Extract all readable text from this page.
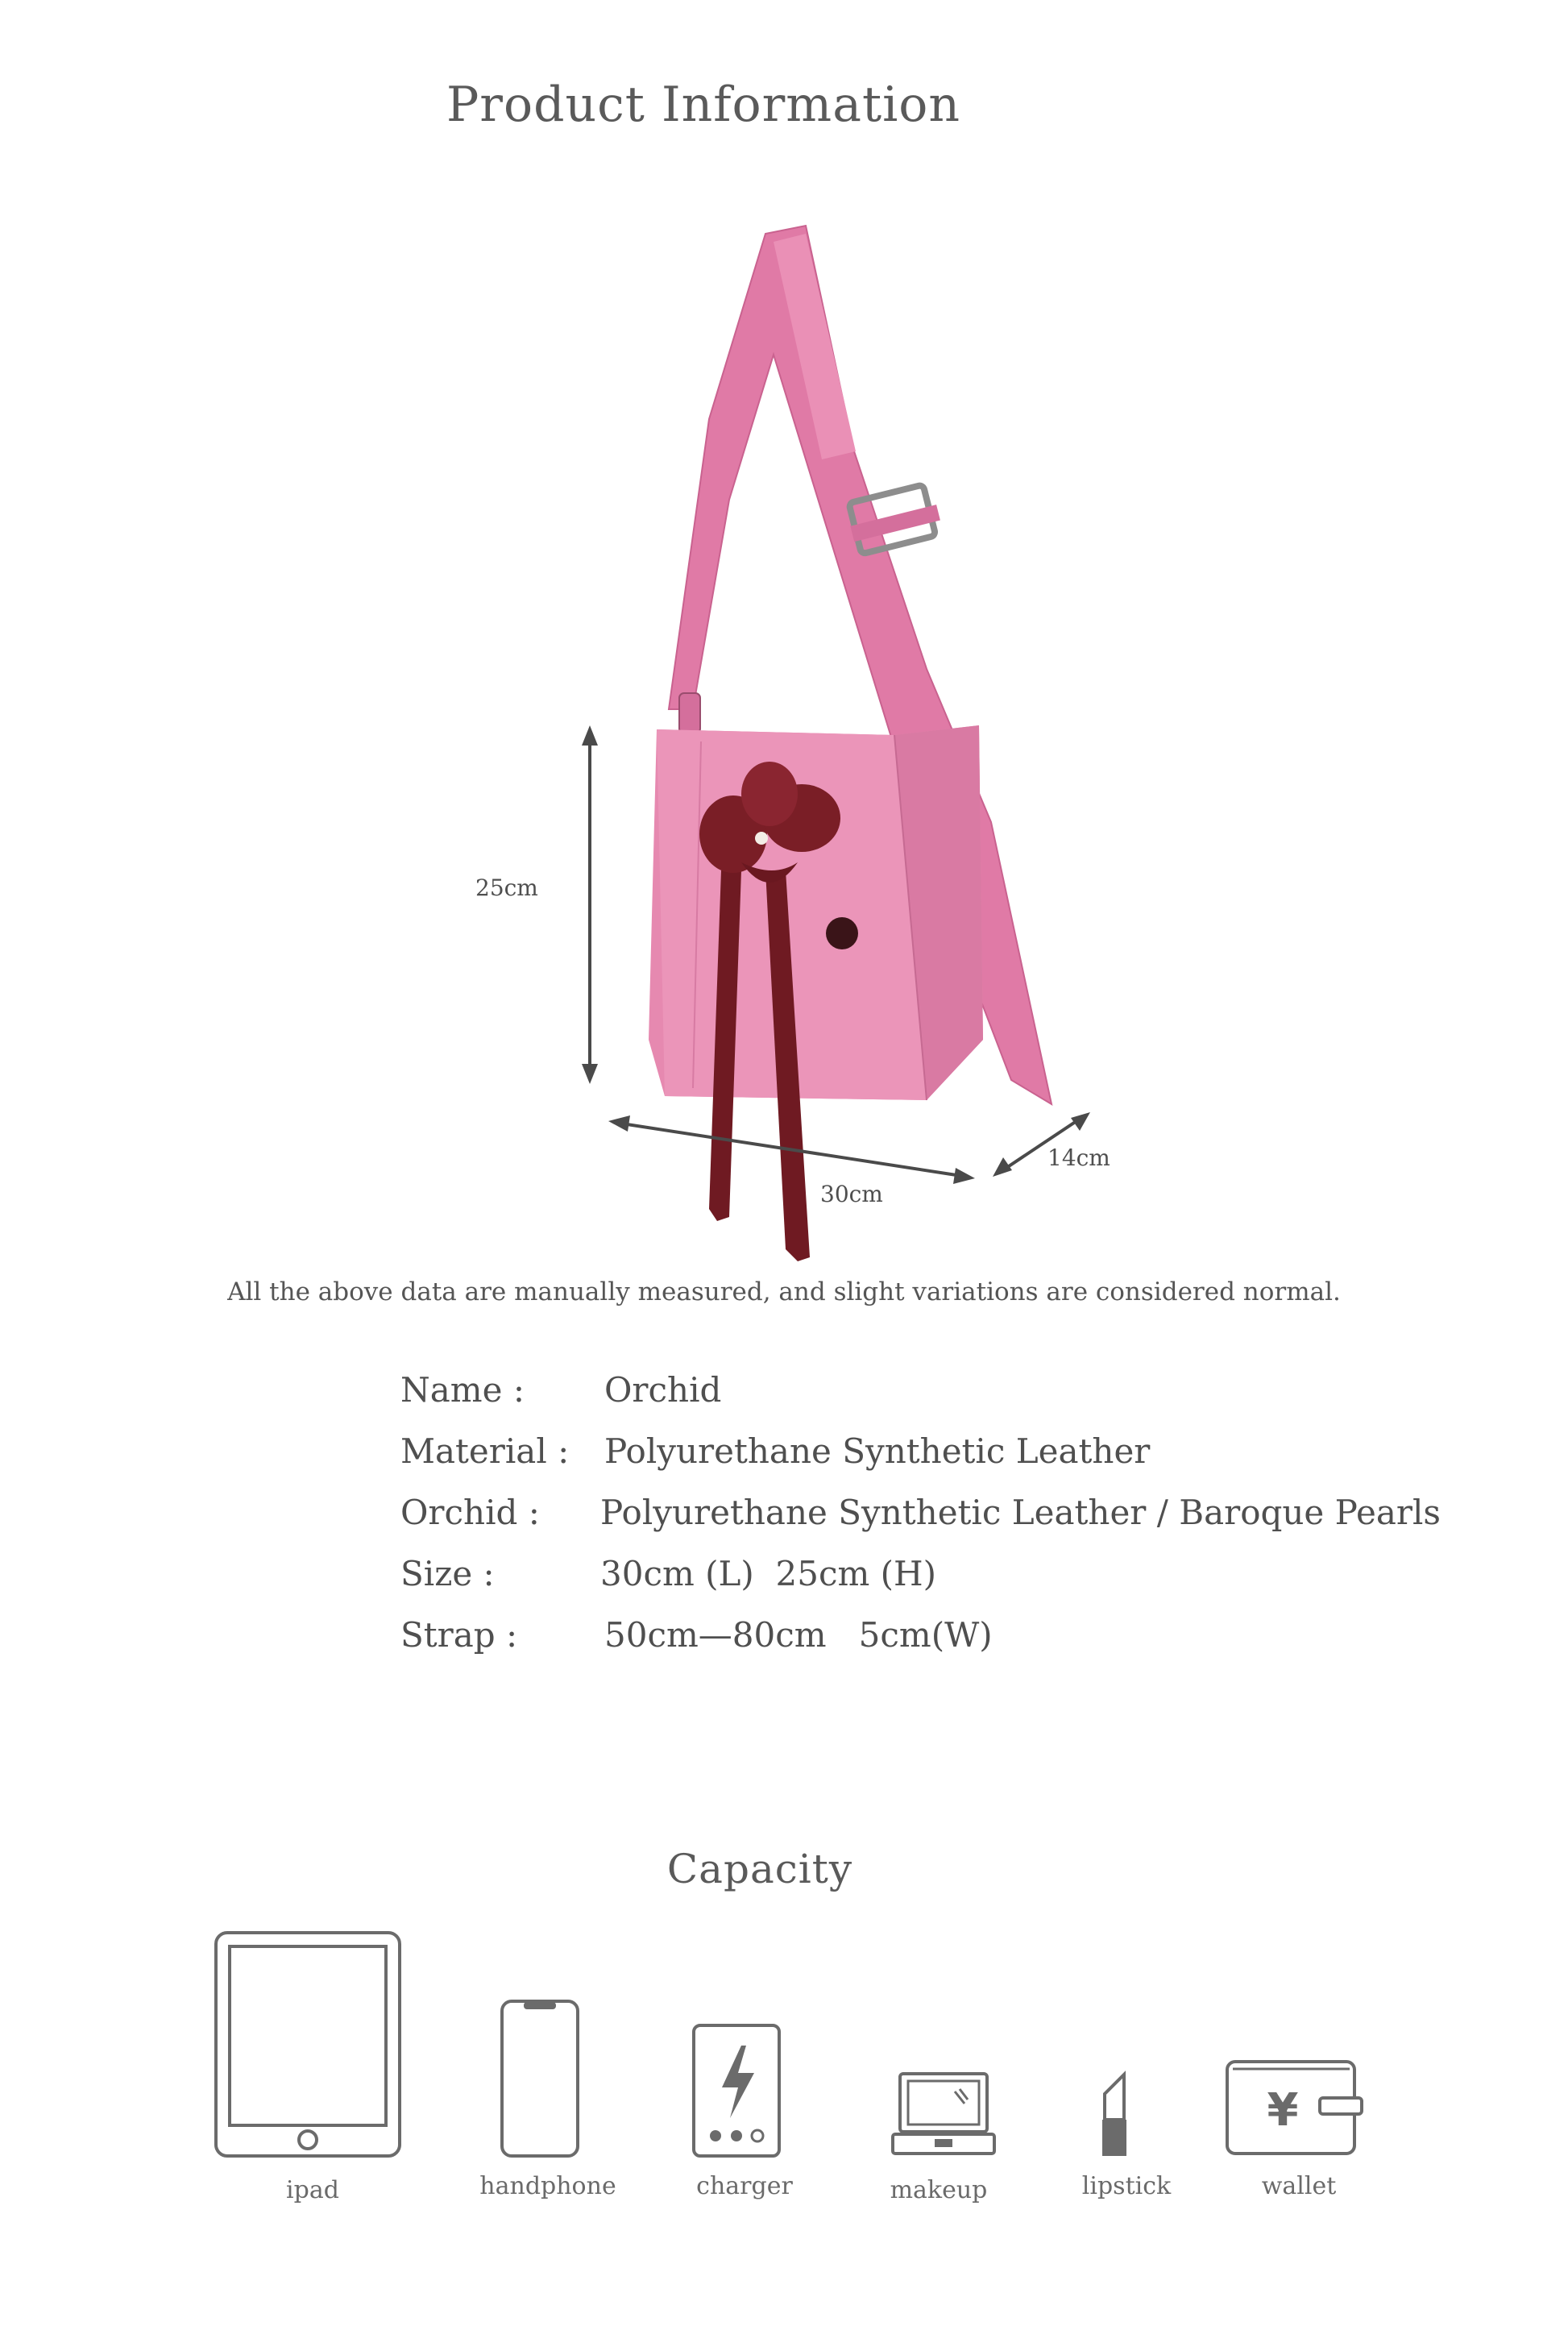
Product Information
25cm
30cm
14cm
All the above data are manually measured, and slight variations are considered normal.
Name : Orchid
Material : Polyurethane Synthetic Leather
Orchid : Polyurethane Synthetic Leather / Baroque Pearls
Size :	30cm (L)  25cm (H)
Strap :	50cm—80cm   5cm(W)
Capacity
ipad	handphone	charger	makeup	lipstick
¥
wallet
